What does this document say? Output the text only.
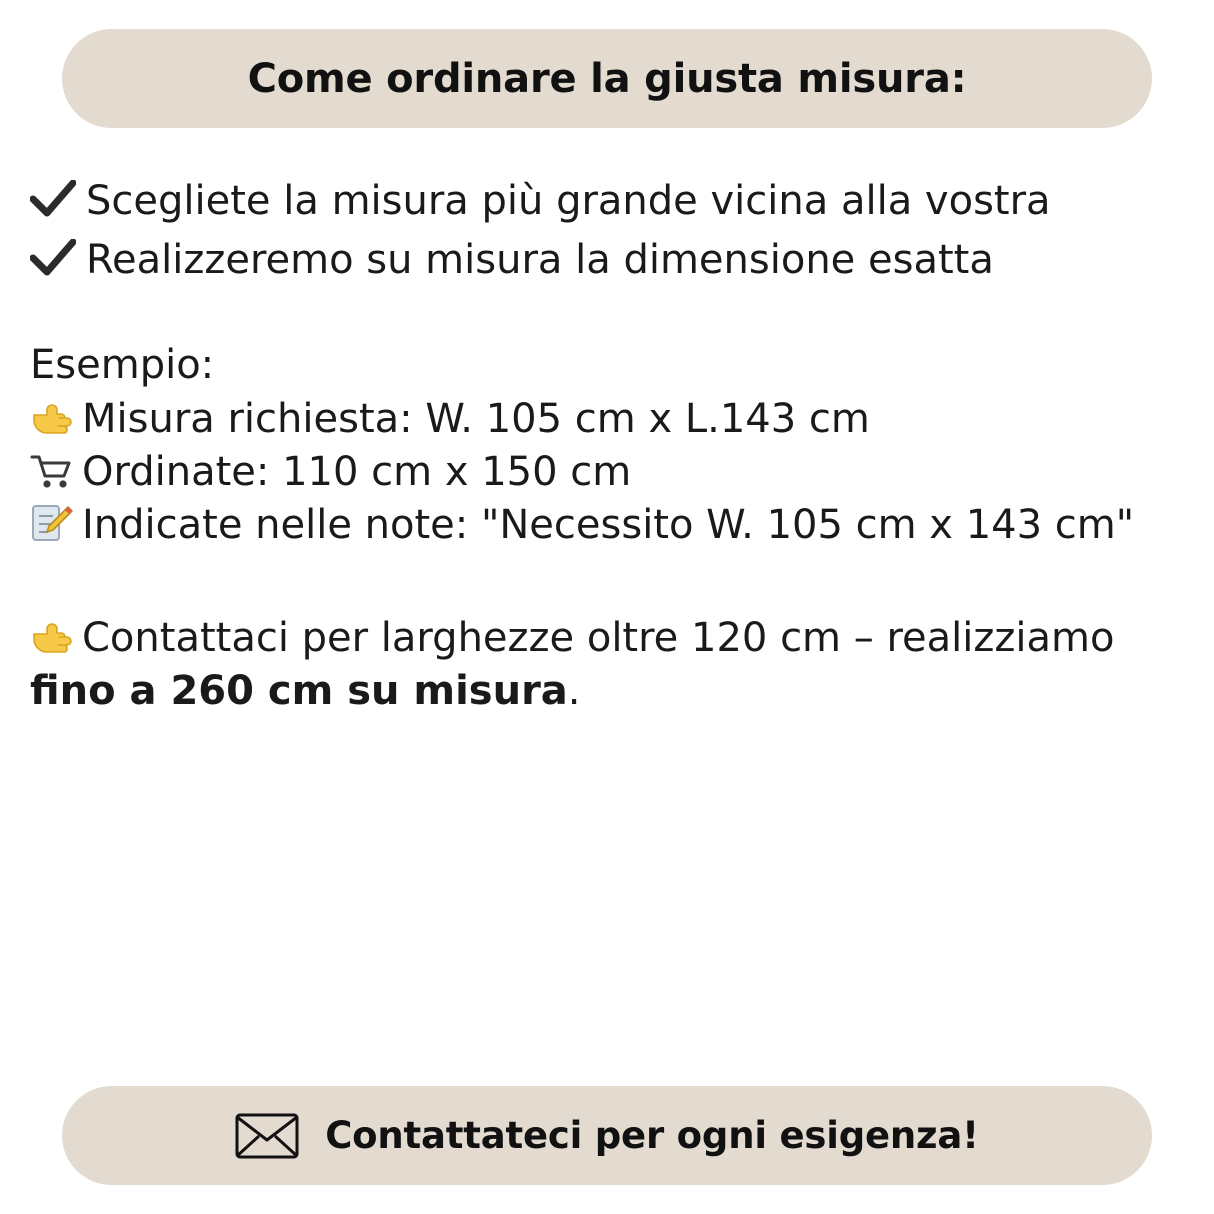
Come ordinare la giusta misura:

Scegliete la misura più grande vicina alla vostra

Realizzeremo su misura la dimensione esatta

Esempio:

Misura richiesta: W. 105 cm x L.143 cm

Ordinate: 110 cm x 150 cm

Indicate nelle note: "Necessito W. 105 cm x 143 cm"

Contattaci per larghezze oltre 120 cm – realizziamo fino a 260 cm su misura.

Contattateci per ogni esigenza!
